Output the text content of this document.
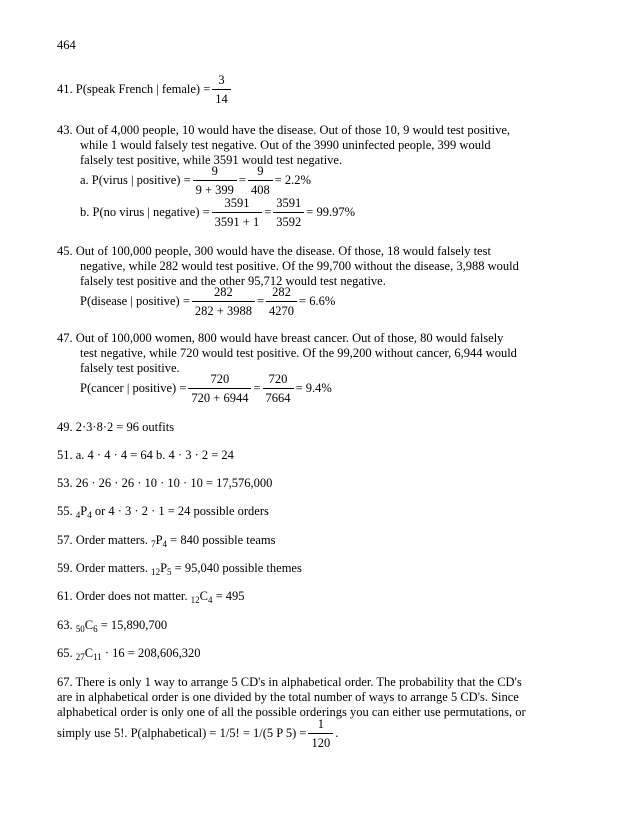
464
41. P(speak French | female) = $\frac{3}{14}$
43. Out of 4,000 people, 10 would have the disease. Out of those 10, 9 would test positive,
while 1 would falsely test negative. Out of the 3990 uninfected people, 399 would
falsely test positive, while 3591 would test negative.
a. P(virus | positive) = $\frac{9}{9 + 399} = \frac{9}{408} = 2.2\%$
b. P(no virus | negative) = $\frac{3591}{3591 + 1} = \frac{3591}{3592} = 99.97\%$
45. Out of 100,000 people, 300 would have the disease. Of those, 18 would falsely test
negative, while 282 would test positive. Of the 99,700 without the disease, 3,988 would
falsely test positive and the other 95,712 would test negative.
P(disease | positive) = $\frac{282}{282 + 3988} = \frac{282}{4270} = 6.6\%$
47. Out of 100,000 women, 800 would have breast cancer. Out of those, 80 would falsely
test negative, while 720 would test positive. Of the 99,200 without cancer, 6,944 would
falsely test positive.
P(cancer | positive) = $\frac{720}{720 + 6944} = \frac{720}{7664} = 9.4\%$
49. 2·3·8·2 = 96 outfits
51. a. 4 · 4 · 4 = 64 b. 4 · 3 · 2 = 24
53. 26 · 26 · 26 · 10 · 10 · 10 = 17,576,000
55. $_4P_4$ or 4 · 3 · 2 · 1 = 24 possible orders
57. Order matters. $_7P_4 = 840$ possible teams
59. Order matters. $_{12}P_5 = 95,040$ possible themes
61. Order does not matter. $_{12}C_4 = 495$
63. $_{50}C_6 = 15,890,700$
65. $_{27}C_{11} \cdot 16 = 208,606,320$
67. There is only 1 way to arrange 5 CD's in alphabetical order. The probability that the CD's
are in alphabetical order is one divided by the total number of ways to arrange 5 CD's. Since
alphabetical order is only one of all the possible orderings you can either use permutations, or
simply use 5!. P(alphabetical) = 1/5! = 1/(5 P $5) = \frac{1}{120}$ .
